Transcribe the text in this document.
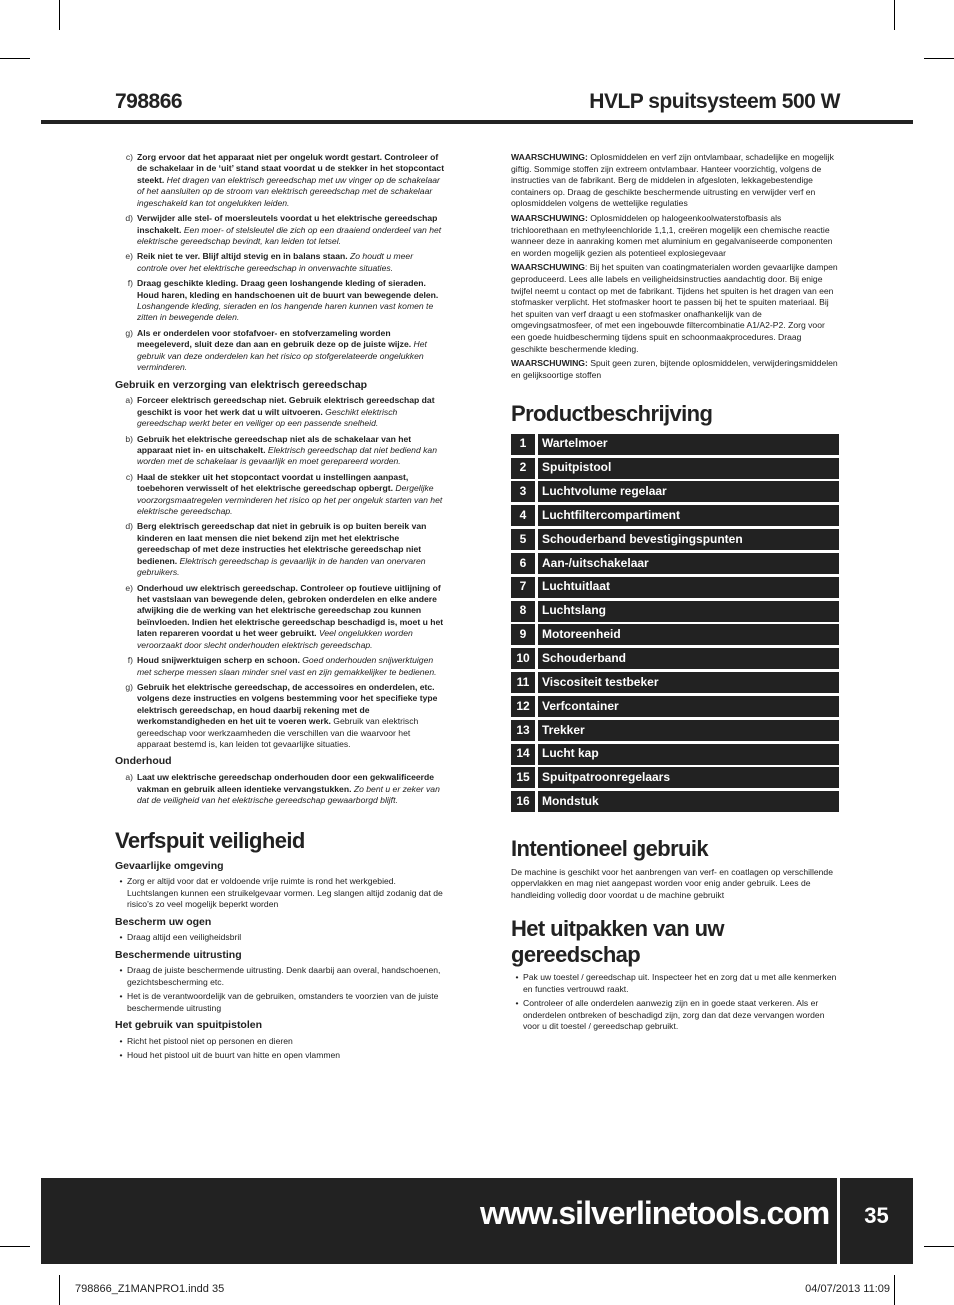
798866	HVLP spuitsysteem 500 W
c) Zorg ervoor dat het apparaat niet per ongeluk wordt gestart. Controleer of de schakelaar in de ‘uit’ stand staat voordat u de stekker in het stopcontact steekt. Het dragen van elektrisch gereedschap met uw vinger op de schakelaar of het aansluiten op de stroom van elektrisch gereedschap met de schakelaar ingeschakeld kan tot ongelukken leiden.
d) Verwijder alle stel- of moersleutels voordat u het elektrische gereedschap inschakelt. Een moer- of stelsleutel die zich op een draaiend onderdeel van het elektrische gereedschap bevindt, kan leiden tot letsel.
e) Reik niet te ver. Blijf altijd stevig en in balans staan. Zo houdt u meer controle over het elektrische gereedschap in onverwachte situaties.
f) Draag geschikte kleding. Draag geen loshangende kleding of sieraden. Houd haren, kleding en handschoenen uit de buurt van bewegende delen. Loshangende kleding, sieraden en los hangende haren kunnen vast komen te zitten in bewegende delen.
g) Als er onderdelen voor stofafvoer- en stofverzameling worden meegeleverd, sluit deze dan aan en gebruik deze op de juiste wijze. Het gebruik van deze onderdelen kan het risico op stofgerelateerde ongelukken verminderen.
Gebruik en verzorging van elektrisch gereedschap
a) Forceer elektrisch gereedschap niet. Gebruik elektrisch gereedschap dat geschikt is voor het werk dat u wilt uitvoeren. Geschikt elektrisch gereedschap werkt beter en veiliger op een passende snelheid.
b) Gebruik het elektrische gereedschap niet als de schakelaar van het apparaat niet in- en uitschakelt. Elektrisch gereedschap dat niet bediend kan worden met de schakelaar is gevaarlijk en moet gerepareerd worden.
c) Haal de stekker uit het stopcontact voordat u instellingen aanpast, toebehoren verwisselt of het elektrische gereedschap opbergt. Dergelijke voorzorgsmaatregelen verminderen het risico op het per ongeluk starten van het elektrische gereedschap.
d) Berg elektrisch gereedschap dat niet in gebruik is op buiten bereik van kinderen en laat mensen die niet bekend zijn met het elektrische gereedschap of met deze instructies het elektrische gereedschap niet bedienen. Elektrisch gereedschap is gevaarlijk in de handen van onervaren gebruikers.
e) Onderhoud uw elektrisch gereedschap. Controleer op foutieve uitlijning of het vastslaan van bewegende delen, gebroken onderdelen en elke andere afwijking die de werking van het elektrische gereedschap zou kunnen beïnvloeden. Indien het elektrische gereedschap beschadigd is, moet u het laten repareren voordat u het weer gebruikt. Veel ongelukken worden veroorzaakt door slecht onderhouden elektrisch gereedschap.
f) Houd snijwerktuigen scherp en schoon. Goed onderhouden snijwerktuigen met scherpe messen slaan minder snel vast en zijn gemakkelijker te bedienen.
g) Gebruik het elektrische gereedschap, de accessoires en onderdelen, etc. volgens deze instructies en volgens bestemming voor het specifieke type elektrisch gereedschap, en houd daarbij rekening met de werkomstandigheden en het uit te voeren werk. Gebruik van elektrisch gereedschap voor werkzaamheden die verschillen van die waarvoor het apparaat bestemd is, kan leiden tot gevaarlijke situaties.
Onderhoud
a) Laat uw elektrische gereedschap onderhouden door een gekwalificeerde vakman en gebruik alleen identieke vervangstukken. Zo bent u er zeker van dat de veiligheid van het elektrische gereedschap gewaarborgd blijft.
Verfspuit veiligheid
Gevaarlijke omgeving
• Zorg er altijd voor dat er voldoende vrije ruimte is rond het werkgebied. Luchtslangen kunnen een struikelgevaar vormen. Leg slangen altijd zodanig dat de risico’s zo veel mogelijk beperkt worden
Bescherm uw ogen
• Draag altijd een veiligheidsbril
Beschermende uitrusting
• Draag de juiste beschermende uitrusting. Denk daarbij aan overal, handschoenen, gezichtsbescherming etc.
• Het is de verantwoordelijk van de gebruiken, omstanders te voorzien van de juiste beschermende uitrusting
Het gebruik van spuitpistolen
• Richt het pistool niet op personen en dieren
• Houd het pistool uit de buurt van hitte en open vlammen
WAARSCHUWING: Oplosmiddelen en verf zijn ontvlambaar, schadelijke en mogelijk giftig. Sommige stoffen zijn extreem ontvlambaar. Hanteer voorzichtig, volgens de instructies van de fabrikant. Berg de middelen in afgesloten, lekkagebestendige containers op. Draag de geschikte beschermende uitrusting en verwijder verf en oplosmiddelen volgens de wettelijke regulaties
WAARSCHUWING: Oplosmiddelen op halogeenkoolwaterstofbasis als trichloorethaan en methyleenchloride 1,1,1, creëren mogelijk een chemische reactie wanneer deze in aanraking komen met aluminium en gegalvaniseerde componenten en worden mogelijk gezien als potentieel explosiegevaar
WAARSCHUWING: Bij het spuiten van coatingmaterialen worden gevaarlijke dampen geproduceerd. Lees alle labels en veiligheidsinstructies aandachtig door. Bij enige twijfel neemt u contact op met de fabrikant. Tijdens het spuiten is het dragen van een stofmasker verplicht. Het stofmasker hoort te passen bij het te spuiten materiaal. Bij het spuiten van verf draagt u een stofmasker onafhankelijk van de omgevingsatmosfeer, of met een ingebouwde filtercombinatie A1/A2-P2. Zorg voor een goede huidbescherming tijdens spuit en schoonmaakprocedures. Draag geschikte beschermende kleding.
WAARSCHUWING: Spuit geen zuren, bijtende oplosmiddelen, verwijderingsmiddelen en gelijksoortige stoffen
Productbeschrijving
1	Wartelmoer
2	Spuitpistool
3	Luchtvolume regelaar
4	Luchtfiltercompartiment
5	Schouderband bevestigingspunten
6	Aan-/uitschakelaar
7	Luchtuitlaat
8	Luchtslang
9	Motoreenheid
10	Schouderband
11	Viscositeit testbeker
12	Verfcontainer
13	Trekker
14	Lucht kap
15	Spuitpatroonregelaars
16	Mondstuk
Intentioneel gebruik
De machine is geschikt voor het aanbrengen van verf- en coatlagen op verschillende oppervlakken en mag niet aangepast worden voor enig ander gebruik. Lees de handleiding volledig door voordat u de machine gebruikt
Het uitpakken van uw gereedschap
• Pak uw toestel / gereedschap uit. Inspecteer het en zorg dat u met alle kenmerken en functies vertrouwd raakt.
• Controleer of alle onderdelen aanwezig zijn en in goede staat verkeren. Als er onderdelen ontbreken of beschadigd zijn, zorg dan dat deze vervangen worden voor u dit toestel / gereedschap gebruikt.
www.silverlinetools.com	35
798866_Z1MANPRO1.indd 35	04/07/2013 11:09
